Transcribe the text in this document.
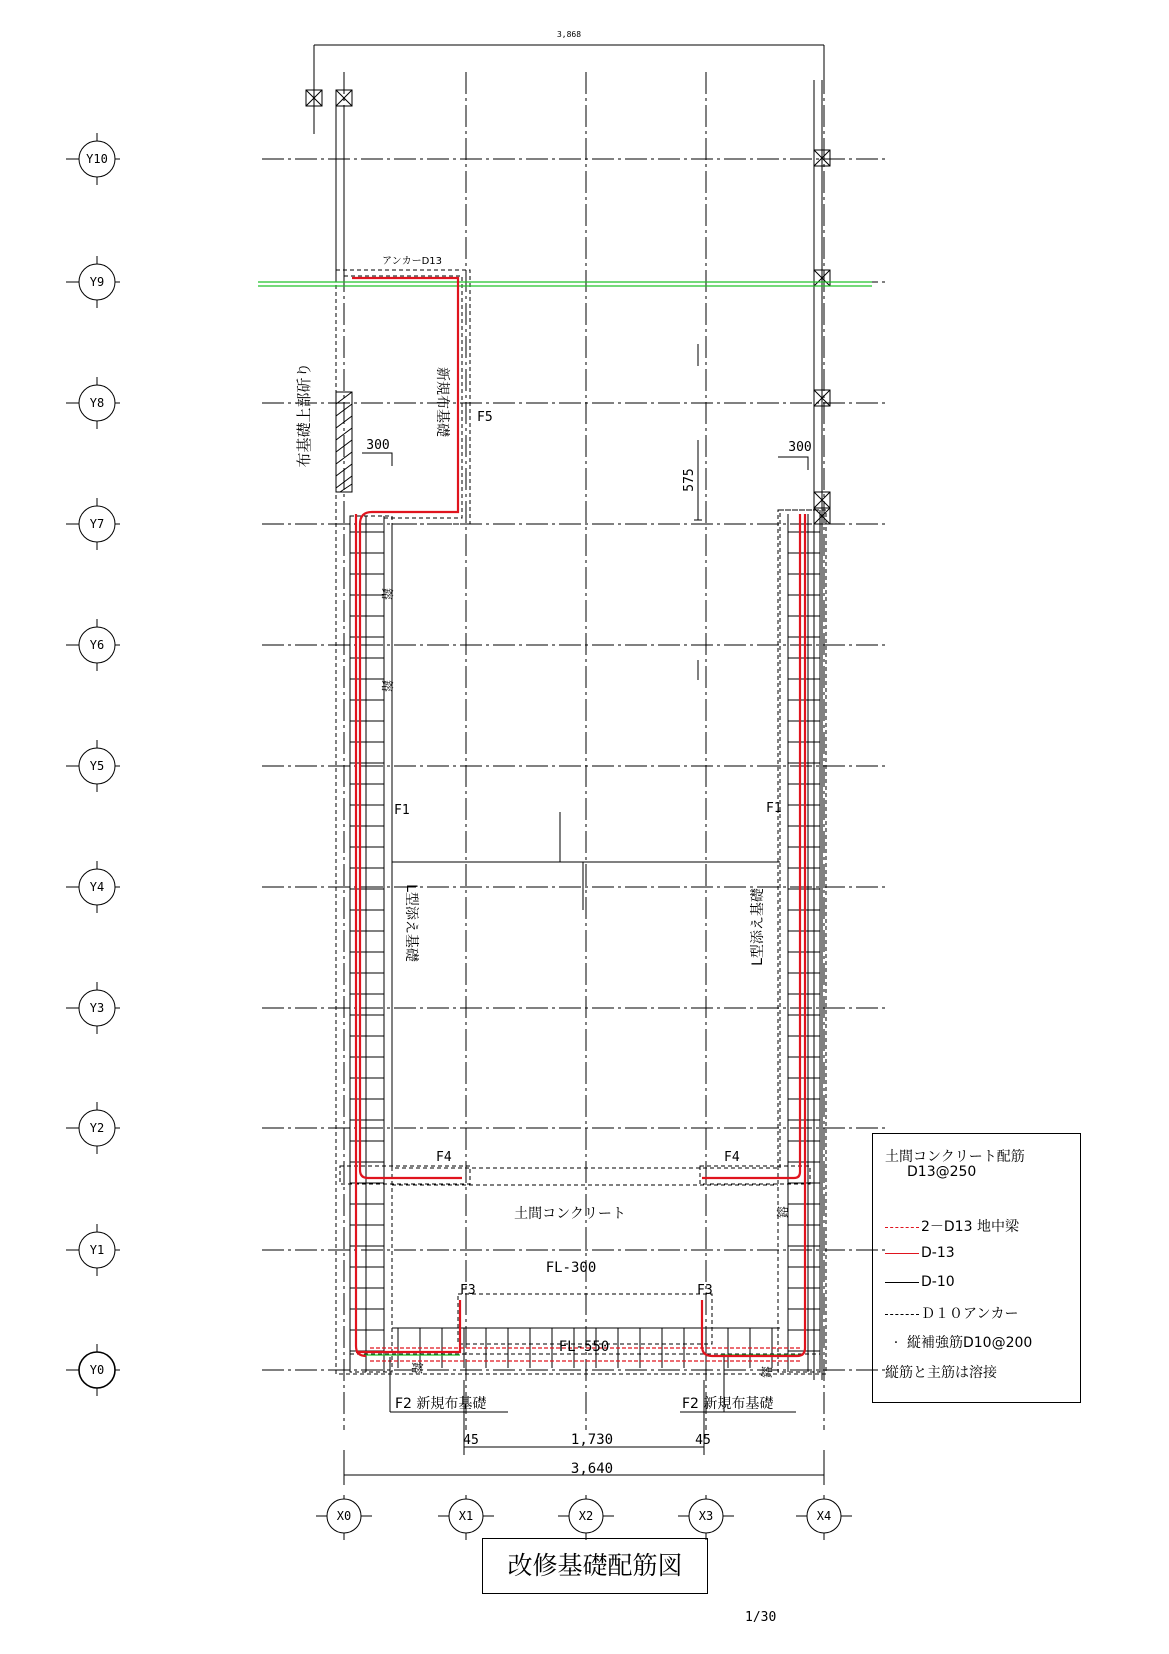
Y10
Y9
Y8
Y7
Y6
Y5
Y4
Y3
Y2
Y1
Y0
X0	X1	X2	X3	X4
3,868
3,640
45	1,730	45
300	300
575
アンカーD13
F5
F1	F1
F4	F4
F3	F3
土間コンクリート
FL-300
FL-550
F2 新規布基礎	F2 新規布基礎
新規布基礎
布基礎上部斫り
L型添え基礎	L型添え基礎
鎔
鎔
鎔
鎔	鎔
土間コンクリート配筋
D13@250
2－D13 地中梁
D-13
D-10
Ｄ１０アンカー
· 縦補強筋D10@200
縦筋と主筋は溶接
改修基礎配筋図
1/30
